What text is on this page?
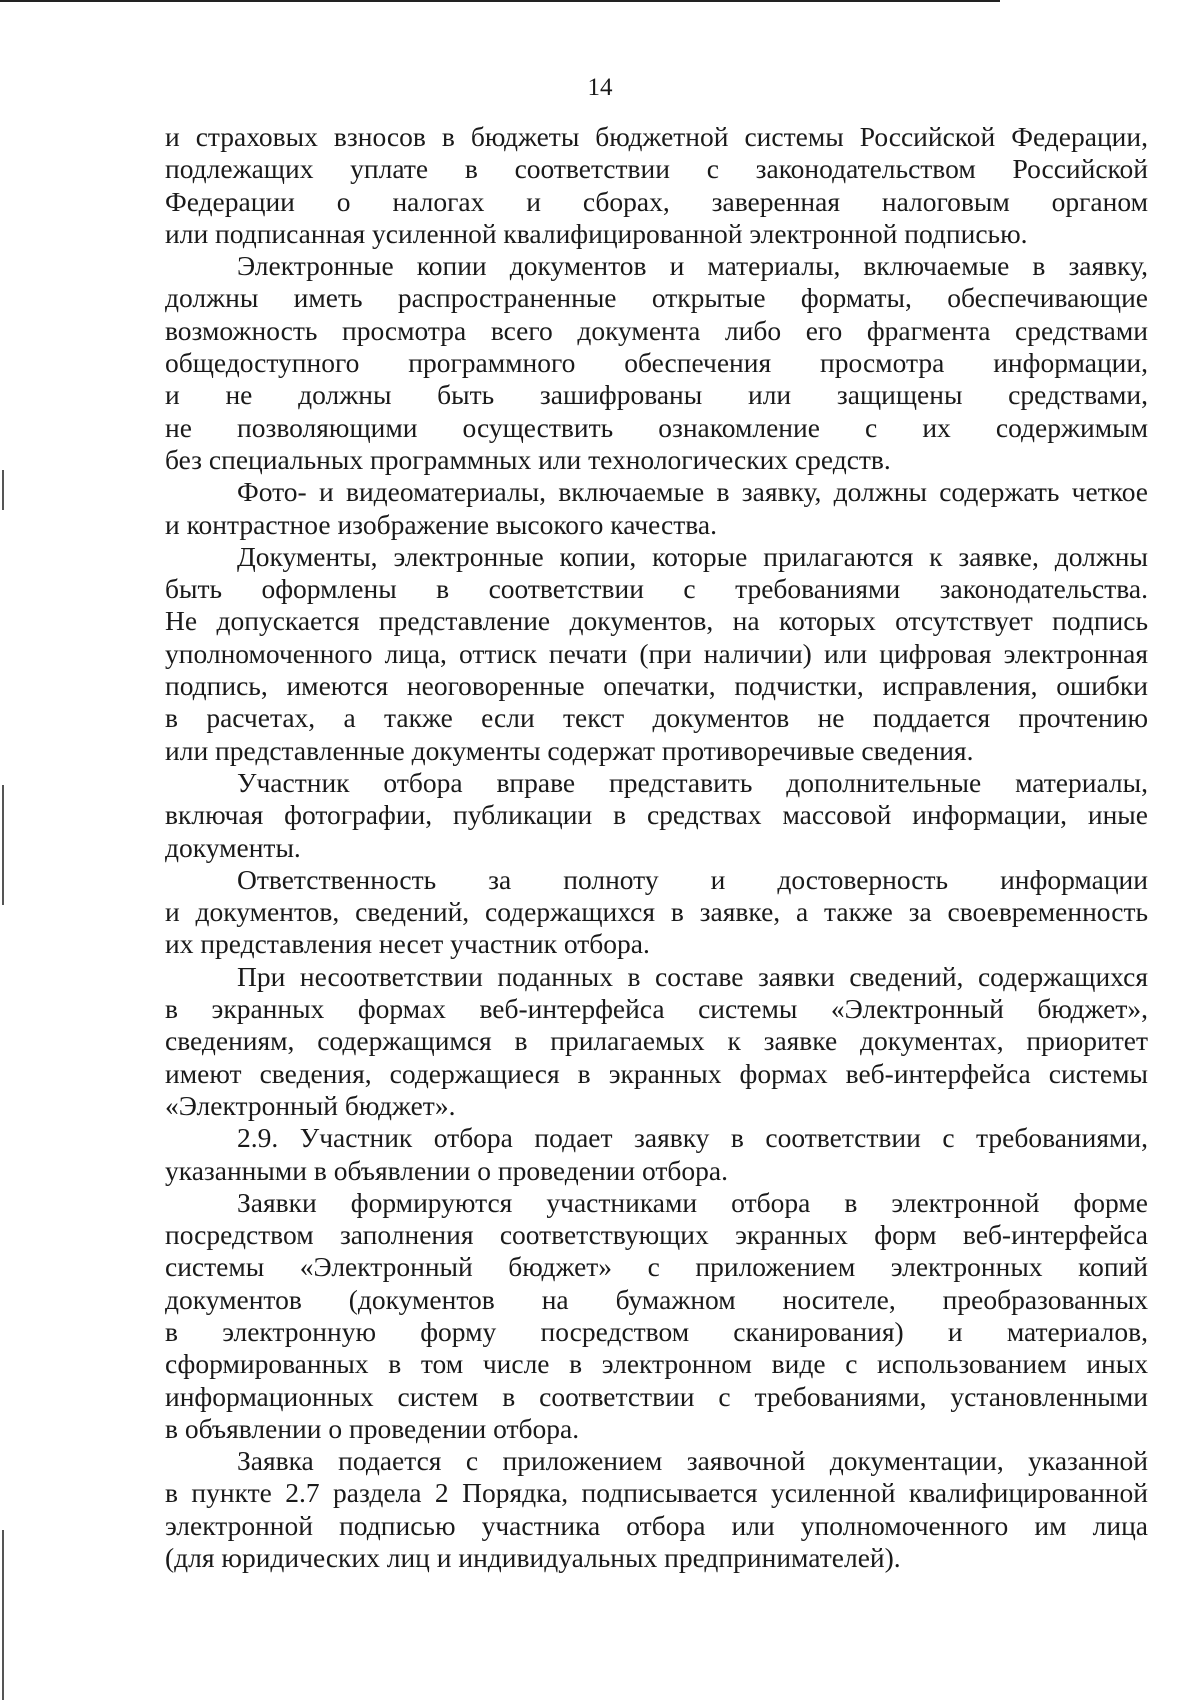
14

и страховых взносов в бюджеты бюджетной системы Российской Федерации,
подлежащих уплате в соответствии с законодательством Российской
Федерации о налогах и сборах, заверенная налоговым органом
или подписанная усиленной квалифицированной электронной подписью.

Электронные копии документов и материалы, включаемые в заявку,
должны иметь распространенные открытые форматы, обеспечивающие
возможность просмотра всего документа либо его фрагмента средствами
общедоступного программного обеспечения просмотра информации,
и не должны быть зашифрованы или защищены средствами,
не позволяющими осуществить ознакомление с их содержимым
без специальных программных или технологических средств.

Фото- и видеоматериалы, включаемые в заявку, должны содержать четкое
и контрастное изображение высокого качества.

Документы, электронные копии, которые прилагаются к заявке, должны
быть оформлены в соответствии с требованиями законодательства.
Не допускается представление документов, на которых отсутствует подпись
уполномоченного лица, оттиск печати (при наличии) или цифровая электронная
подпись, имеются неоговоренные опечатки, подчистки, исправления, ошибки
в расчетах, а также если текст документов не поддается прочтению
или представленные документы содержат противоречивые сведения.

Участник отбора вправе представить дополнительные материалы,
включая фотографии, публикации в средствах массовой информации, иные
документы.

Ответственность за полноту и достоверность информации
и документов, сведений, содержащихся в заявке, а также за своевременность
их представления несет участник отбора.

При несоответствии поданных в составе заявки сведений, содержащихся
в экранных формах веб-интерфейса системы «Электронный бюджет»,
сведениям, содержащимся в прилагаемых к заявке документах, приоритет
имеют сведения, содержащиеся в экранных формах веб-интерфейса системы
«Электронный бюджет».

2.9. Участник отбора подает заявку в соответствии с требованиями,
указанными в объявлении о проведении отбора.

Заявки формируются участниками отбора в электронной форме
посредством заполнения соответствующих экранных форм веб-интерфейса
системы «Электронный бюджет» с приложением электронных копий
документов (документов на бумажном носителе, преобразованных
в электронную форму посредством сканирования) и материалов,
сформированных в том числе в электронном виде с использованием иных
информационных систем в соответствии с требованиями, установленными
в объявлении о проведении отбора.

Заявка подается с приложением заявочной документации, указанной
в пункте 2.7 раздела 2 Порядка, подписывается усиленной квалифицированной
электронной подписью участника отбора или уполномоченного им лица
(для юридических лиц и индивидуальных предпринимателей).
